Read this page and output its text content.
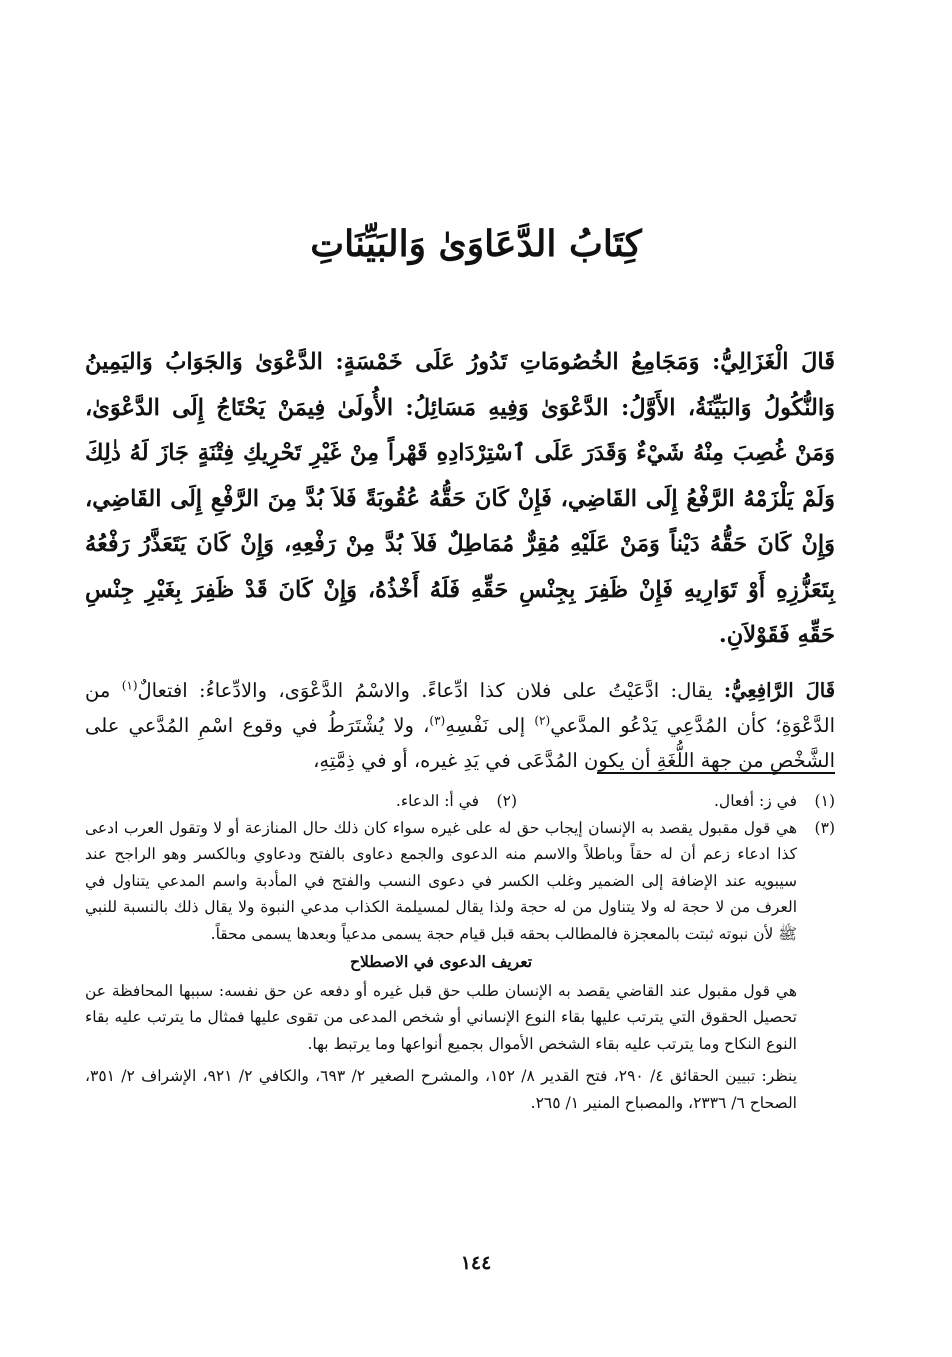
كِتَابُ الدَّعَاوَىٰ وَالبَيِّنَاتِ

قَالَ الْغَزَالِيُّ: وَمَجَامِعُ الخُصُومَاتِ تَدُورُ عَلَى خَمْسَةٍ: الدَّعْوَىٰ وَالجَوَابُ وَاليَمِينُ وَالنُّكُولُ وَالبَيِّنَةُ، الأَوَّلُ: الدَّعْوَىٰ وَفِيهِ مَسَائِلُ: الأُولَىٰ فِيمَنْ يَحْتَاجُ إِلَى الدَّعْوَىٰ، وَمَنْ غُصِبَ مِنْهُ شَيْءٌ وَقَدَرَ عَلَى ٱسْتِرْدَادِهِ قَهْراً مِنْ غَيْرِ تَحْرِيكِ فِتْنَةٍ جَازَ لَهُ ذٰلِكَ وَلَمْ يَلْزَمْهُ الرَّفْعُ إِلَى القَاضِي، فَإِنْ كَانَ حَقُّهُ عُقُوبَةً فَلاَ بُدَّ مِنَ الرَّفْعِ إِلَى القَاضِي، وَإِنْ كَانَ حَقُّهُ دَيْناً وَمَنْ عَلَيْهِ مُقِرٌّ مُمَاطِلٌ فَلاَ بُدَّ مِنْ رَفْعِهِ، وَإِنْ كَانَ يَتَعَذَّرُ رَفْعُهُ بِتَعَزُّزِهِ أَوْ تَوَارِيهِ فَإِنْ ظَفِرَ بِجِنْسِ حَقِّهِ فَلَهُ أَخْذُهُ، وَإِنْ كَانَ قَدْ ظَفِرَ بِغَيْرِ جِنْسِ حَقِّهِ فَقَوْلاَنِ.

قَالَ الرَّافِعِيُّ: يقال: ادَّعَيْتُ على فلان كذا ادِّعاءً. والاسْمُ الدَّعْوَى، والادِّعاءُ: افتعالٌ$^{(١)}$ من الدَّعْوَةِ؛ كأن المُدَّعِي يَدْعُو المدَّعي$^{(٢)}$ إلى نَفْسِهِ$^{(٣)}$، ولا يُشْتَرَطُ في وقوع اسْمِ المُدَّعي على الشَّخْصِ من جهة اللُّغَةِ أن يكون المُدَّعَى في يَدِ غيره، أو في ذِمَّتِهِ،

(١)
في ز: أفعال.
(٢)
في أ: الدعاء.
(٣)

هي قول مقبول يقصد به الإنسان إيجاب حق له على غيره سواء كان ذلك حال المنازعة أو لا وتقول العرب ادعى كذا ادعاء زعم أن له حقاً وباطلاً والاسم منه الدعوى والجمع دعاوى بالفتح ودعاوي وبالكسر وهو الراجح عند سيبويه عند الإضافة إلى الضمير وغلب الكسر في دعوى النسب والفتح في المأدبة واسم المدعي يتناول في العرف من لا حجة له ولا يتناول من له حجة ولذا يقال لمسيلمة الكذاب مدعي النبوة ولا يقال ذلك بالنسبة للنبي ﷺ لأن نبوته ثبتت بالمعجزة فالمطالب بحقه قبل قيام حجة يسمى مدعياً وبعدها يسمى محقاً.

تعريف الدعوى في الاصطلاح

هي قول مقبول عند القاضي يقصد به الإنسان طلب حق قبل غيره أو دفعه عن حق نفسه: سببها المحافظة عن تحصيل الحقوق التي يترتب عليها بقاء النوع الإنساني أو شخص المدعى من تقوى عليها فمثال ما يترتب عليه بقاء النوع النكاح وما يترتب عليه بقاء الشخص الأموال بجميع أنواعها وما يرتبط بها.

ينظر: تبيين الحقائق ٤/ ٢٩٠، فتح القدير ٨/ ١٥٢، والمشرح الصغير ٢/ ٦٩٣، والكافي ٢/ ٩٢١، الإشراف ٢/ ٣٥١، الصحاح ٦/ ٢٣٣٦، والمصباح المنير ١/ ٢٦٥.

١٤٤
